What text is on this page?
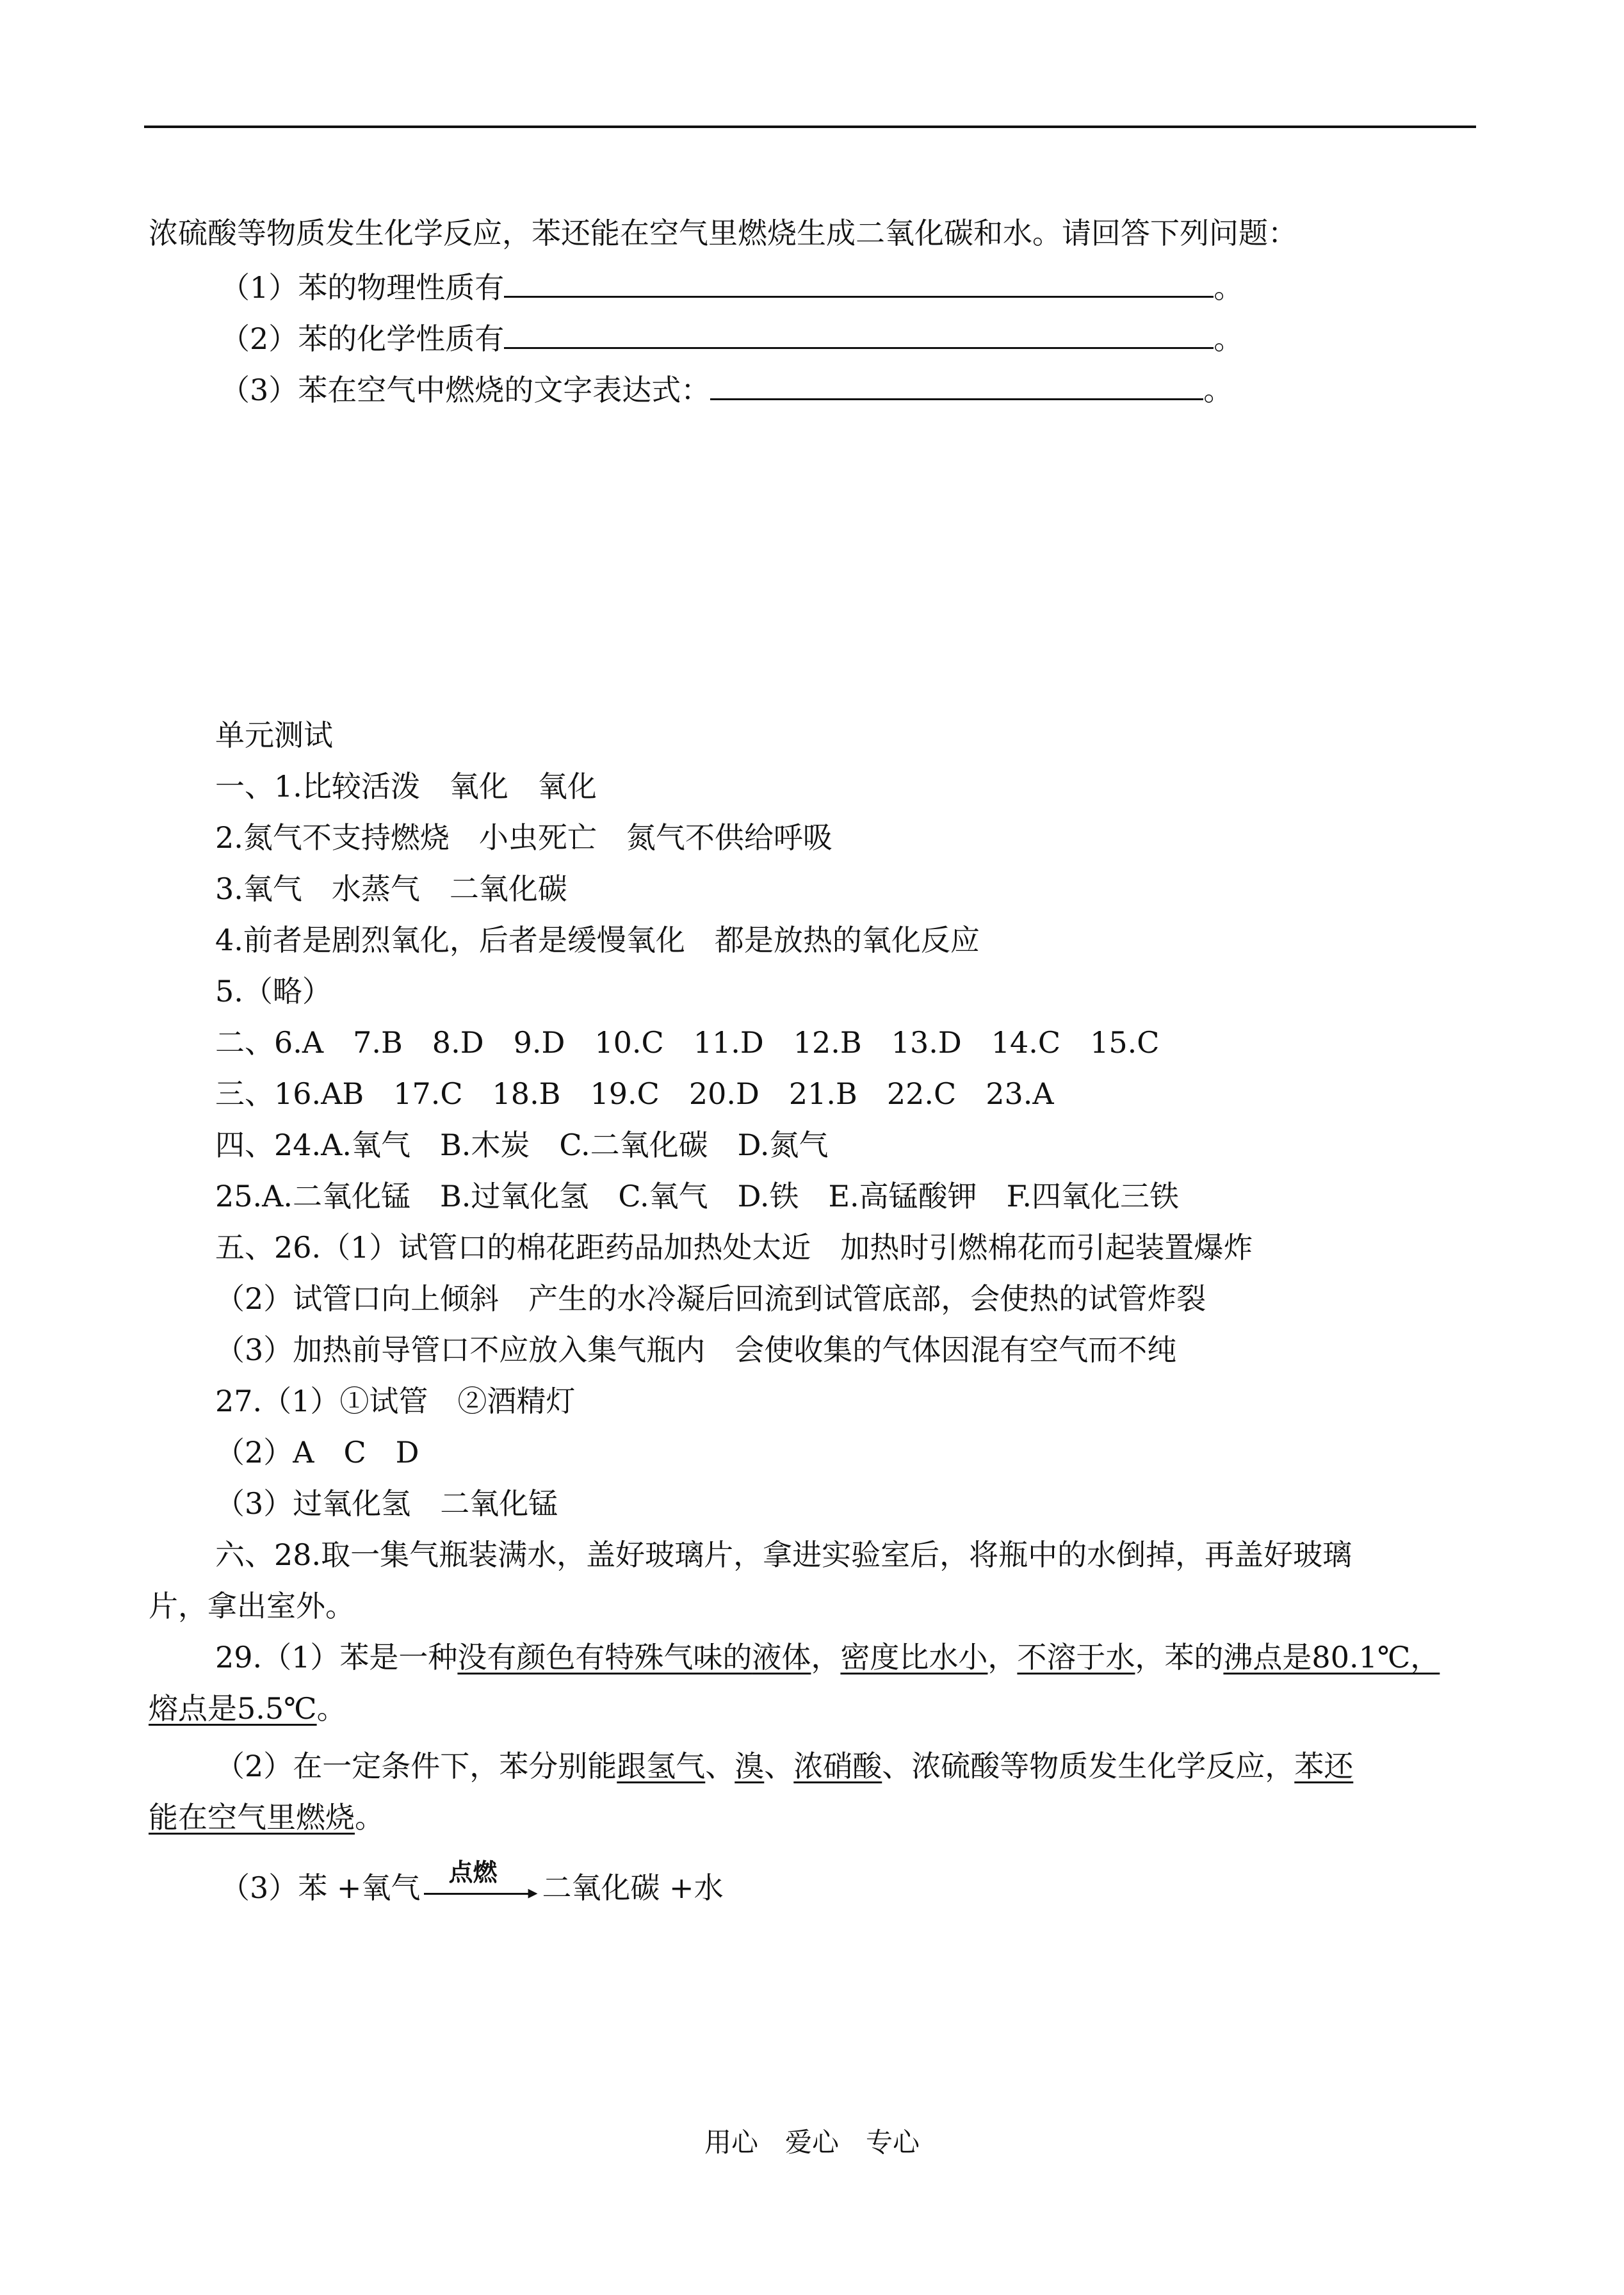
浓硫酸等物质发生化学反应，苯还能在空气里燃烧生成二氧化碳和水。请回答下列问题：
（1）苯的物理性质有	。
（2）苯的化学性质有	。
（3）苯在空气中燃烧的文字表达式：	。
单元测试
一、1.比较活泼　氧化　氧化
2.氮气不支持燃烧　小虫死亡　氮气不供给呼吸
3.氧气　水蒸气　二氧化碳
4.前者是剧烈氧化，后者是缓慢氧化　都是放热的氧化反应
5.（略）
二、6.A　7.B　8.D　9.D　10.C　11.D　12.B　13.D　14.C　15.C
三、16.AB　17.C　18.B　19.C　20.D　21.B　22.C　23.A
四、24.A.氧气　B.木炭　C.二氧化碳　D.氮气
25.A.二氧化锰　B.过氧化氢　C.氧气　D.铁　E.高锰酸钾　F.四氧化三铁
五、26.（1）试管口的棉花距药品加热处太近　加热时引燃棉花而引起装置爆炸
（2）试管口向上倾斜　产生的水冷凝后回流到试管底部，会使热的试管炸裂
（3）加热前导管口不应放入集气瓶内　会使收集的气体因混有空气而不纯
27.（1）①试管　②酒精灯
（2）A　C　D
（3）过氧化氢　二氧化锰
六、28.取一集气瓶装满水，盖好玻璃片，拿进实验室后，将瓶中的水倒掉，再盖好玻璃
片，拿出室外。
29.（1）苯是一种没有颜色有特殊气味的液体，密度比水小，不溶于水，苯的沸点是80.1℃，
熔点是5.5℃。
（2）在一定条件下，苯分别能跟氢气、溴、浓硝酸、浓硫酸等物质发生化学反应，苯还
能在空气里燃烧。
（3）苯 +氧气 点燃
▸ 二氧化碳 +水
用心　爱心　专心
